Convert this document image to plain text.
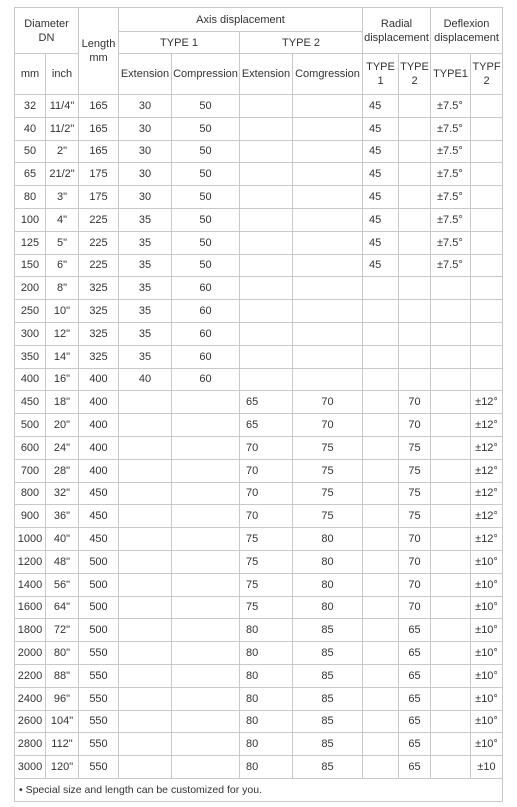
Diameter DN		Length mm	Axis displacement				Radial displacement		Deflexion displacement	
			TYPE 1		TYPE 2					
mm	inch		Extension	Compression	Extension	Comgression	TYPE 1	TYPE 2	TYPE1	TYPF 2
32	11/4"	165	30	50			45		±7.5°	
40	11/2"	165	30	50			45		±7.5°	
50	2"	165	30	50			45		±7.5°	
65	21/2"	175	30	50			45		±7.5°	
80	3"	175	30	50			45		±7.5°	
100	4"	225	35	50			45		±7.5°	
125	5"	225	35	50			45		±7.5°	
150	6"	225	35	50			45		±7.5°	
200	8"	325	35	60						
250	10"	325	35	60						
300	12"	325	35	60						
350	14"	325	35	60						
400	16"	400	40	60						
450	18"	400			65	70		70		±12°
500	20"	400			65	70		70		±12°
600	24"	400			70	75		75		±12°
700	28"	400			70	75		75		±12°
800	32"	450			70	75		75		±12°
900	36"	450			70	75		75		±12°
1000	40"	450			75	80		70		±12°
1200	48"	500			75	80		70		±10°
1400	56"	500			75	80		70		±10°
1600	64"	500			75	80		70		±10°
1800	72"	500			80	85		65		±10°
2000	80"	550			80	85		65		±10°
2200	88"	550			80	85		65		±10°
2400	96"	550			80	85		65		±10°
2600	104"	550			80	85		65		±10°
2800	112"	550			80	85		65		±10°
3000	120"	550			80	85		65		±10
• Special size and length can be customized for you.										
